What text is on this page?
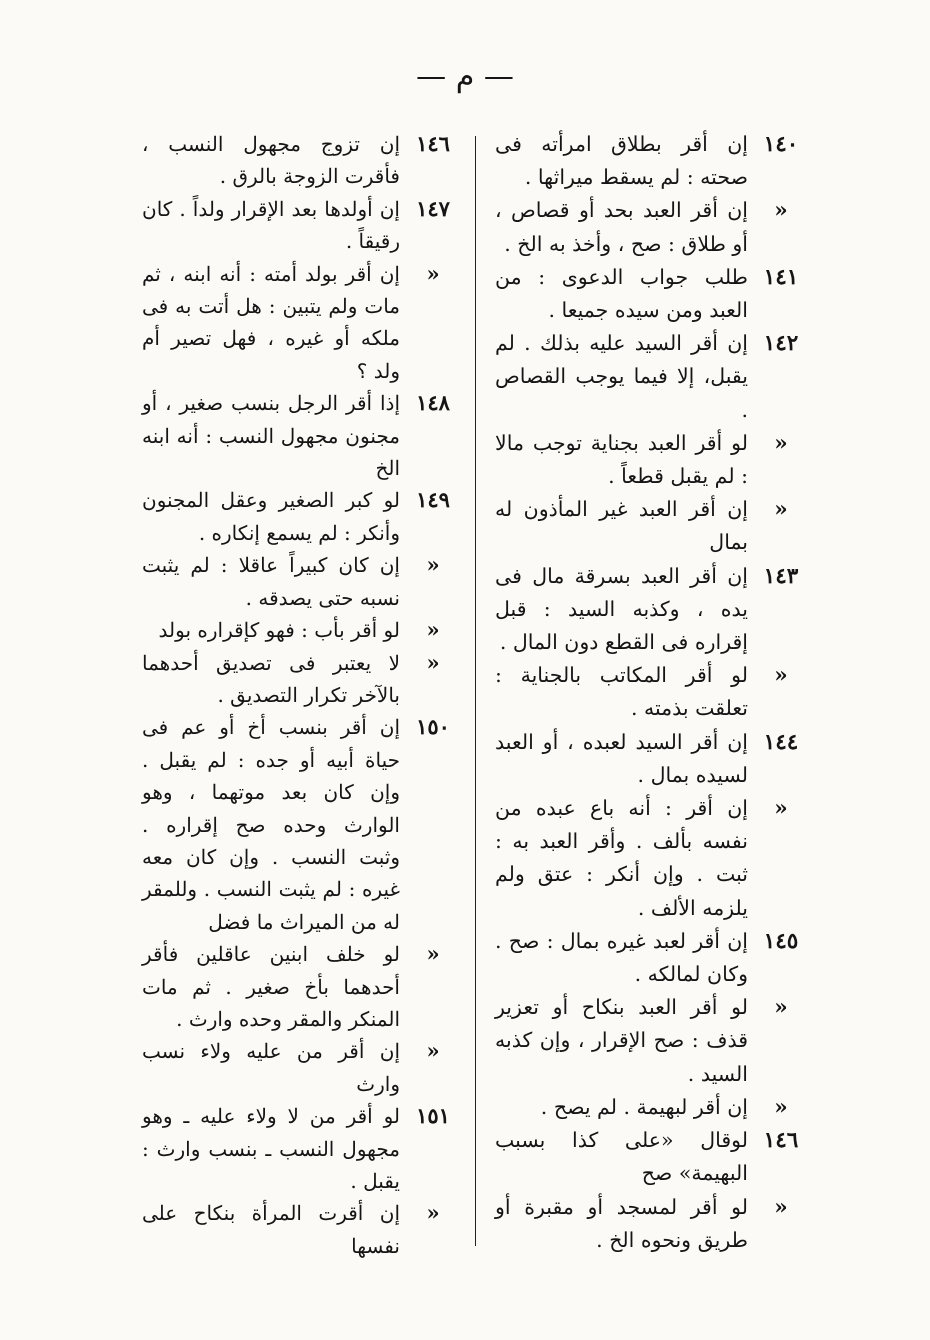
— م —
١٤٠

إن أقر بطلاق امرأته فى صحته : لم يسقط ميراثها .

«

إن أقر العبد بحد أو قصاص ، أو طلاق : صح ، وأخذ به الخ .

١٤١

طلب جواب الدعوى : من العبد ومن سيده جميعا .

١٤٢

إن أقر السيد عليه بذلك . لم يقبل، إلا فيما يوجب القصاص .

«

لو أقر العبد بجناية توجب مالا : لم يقبل قطعاً .

«

إن أقر العبد غير المأذون له بمال

١٤٣

إن أقر العبد بسرقة مال فى يده ، وكذبه السيد : قبل إقراره فى القطع دون المال .

«

لو أقر المكاتب بالجناية : تعلقت بذمته .

١٤٤

إن أقر السيد لعبده ، أو العبد لسيده بمال .

«

إن أقر : أنه باع عبده من نفسه بألف . وأقر العبد به : ثبت . وإن أنكر : عتق ولم يلزمه الألف .

١٤٥

إن أقر لعبد غيره بمال : صح . وكان لمالكه .

«

لو أقر العبد بنكاح أو تعزير قذف : صح الإقرار ، وإن كذبه السيد .

«

إن أقر لبهيمة . لم يصح .

١٤٦

لوقال «على كذا بسبب البهيمة» صح

«

لو أقر لمسجد أو مقبرة أو طريق ونحوه الخ .

١٤٦

إن تزوج مجهول النسب ، فأقرت الزوجة بالرق .

١٤٧

إن أولدها بعد الإقرار ولداً . كان رقيقاً .

«

إن أقر بولد أمته : أنه ابنه ، ثم مات ولم يتبين : هل أتت به فى ملكه أو غيره ، فهل تصير أم ولد ؟

١٤٨

إذا أقر الرجل بنسب صغير ، أو مجنون مجهول النسب : أنه ابنه الخ

١٤٩

لو كبر الصغير وعقل المجنون وأنكر : لم يسمع إنكاره .

«

إن كان كبيراً عاقلا : لم يثبت نسبه حتى يصدقه .

«

لو أقر بأب : فهو كإقراره بولد

«

لا يعتبر فى تصديق أحدهما بالآخر تكرار التصديق .

١٥٠

إن أقر بنسب أخ أو عم فى حياة أبيه أو جده : لم يقبل . وإن كان بعد موتهما ، وهو الوارث وحده صح إقراره . وثبت النسب . وإن كان معه غيره : لم يثبت النسب . وللمقر له من الميراث ما فضل

«

لو خلف ابنين عاقلين فأقر أحدهما بأخ صغير . ثم مات المنكر والمقر وحده وارث .

«

إن أقر من عليه ولاء نسب وارث

١٥١

لو أقر من لا ولاء عليه ـ وهو مجهول النسب ـ بنسب وارث : يقبل .

«

إن أقرت المرأة بنكاح على نفسها
